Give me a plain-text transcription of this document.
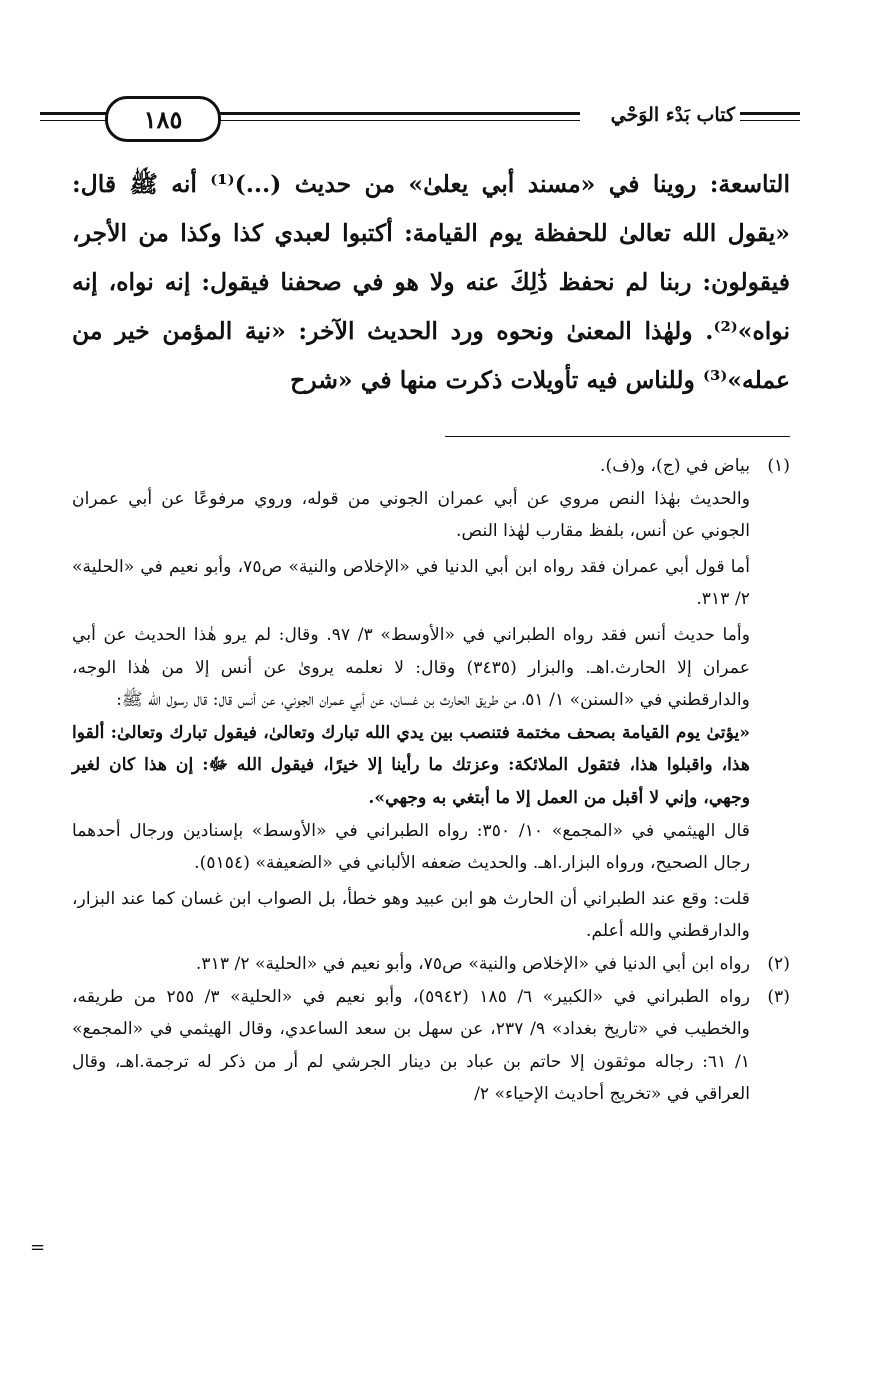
١٨٥	كتاب بَدْء الوَحْي

التاسعة: روينا في «مسند أبي يعلىٰ» من حديث (...)⁽¹⁾ أنه ﷺ قال: «يقول الله تعالىٰ للحفظة يوم القيامة: أكتبوا لعبدي كذا وكذا من الأجر، فيقولون: ربنا لم نحفظ ذَٰلِكَ عنه ولا هو في صحفنا فيقول: إنه نواه، إنه نواه»⁽²⁾. ولهٰذا المعنىٰ ونحوه ورد الحديث الآخر: «نية المؤمن خير من عمله»⁽³⁾ وللناس فيه تأويلات ذكرت منها في «شرح

(١)

بياض في (ج)، و(ف).

والحديث بهٰذا النص مروي عن أبي عمران الجوني من قوله، وروي مرفوعًا عن أبي عمران الجوني عن أنس، بلفظ مقارب لهٰذا النص.

أما قول أبي عمران فقد رواه ابن أبي الدنيا في «الإخلاص والنية» ص٧٥، وأبو نعيم في «الحلية» ٢/ ٣١٣.

وأما حديث أنس فقد رواه الطبراني في «الأوسط» ٣/ ٩٧. وقال: لم يرو هٰذا الحديث عن أبي عمران إلا الحارث.اهـ. والبزار (٣٤٣٥) وقال: لا نعلمه يروىٰ عن أنس إلا من هٰذا الوجه، والدارقطني في «السنن» ١/ ٥١، من طريق الحارث بن غسان، عن أبي عمران الجوني، عن أنس قال: قال رسول الله ﷺ:

«يؤتىٰ يوم القيامة بصحف مختمة فتنصب بين يدي الله تبارك وتعالىٰ، فيقول تبارك وتعالىٰ: ألقوا هذا، واقبلوا هذا، فتقول الملائكة: وعزتك ما رأينا إلا خيرًا، فيقول الله ﷻ: إن هذا كان لغير وجهي، وإني لا أقبل من العمل إلا ما أبتغي به وجهي».

قال الهيثمي في «المجمع» ١٠/ ٣٥٠: رواه الطبراني في «الأوسط» بإسنادين ورجال أحدهما رجال الصحيح، ورواه البزار.اهـ. والحديث ضعفه الألباني في «الضعيفة» (٥١٥٤).

قلت: وقع عند الطبراني أن الحارث هو ابن عبيد وهو خطأ، بل الصواب ابن غسان كما عند البزار، والدارقطني والله أعلم.

(٢)

رواه ابن أبي الدنيا في «الإخلاص والنية» ص٧٥، وأبو نعيم في «الحلية» ٢/ ٣١٣.

(٣)

رواه الطبراني في «الكبير» ٦/ ١٨٥ (٥٩٤٢)، وأبو نعيم في «الحلية» ٣/ ٢٥٥ من طريقه، والخطيب في «تاريخ بغداد» ٩/ ٢٣٧، عن سهل بن سعد الساعدي، وقال الهيثمي في «المجمع» ١/ ٦١: رجاله موثقون إلا حاتم بن عباد بن دينار الجرشي لم أر من ذكر له ترجمة.اهـ، وقال العراقي في «تخريج أحاديث الإحياء» ٢/

=
